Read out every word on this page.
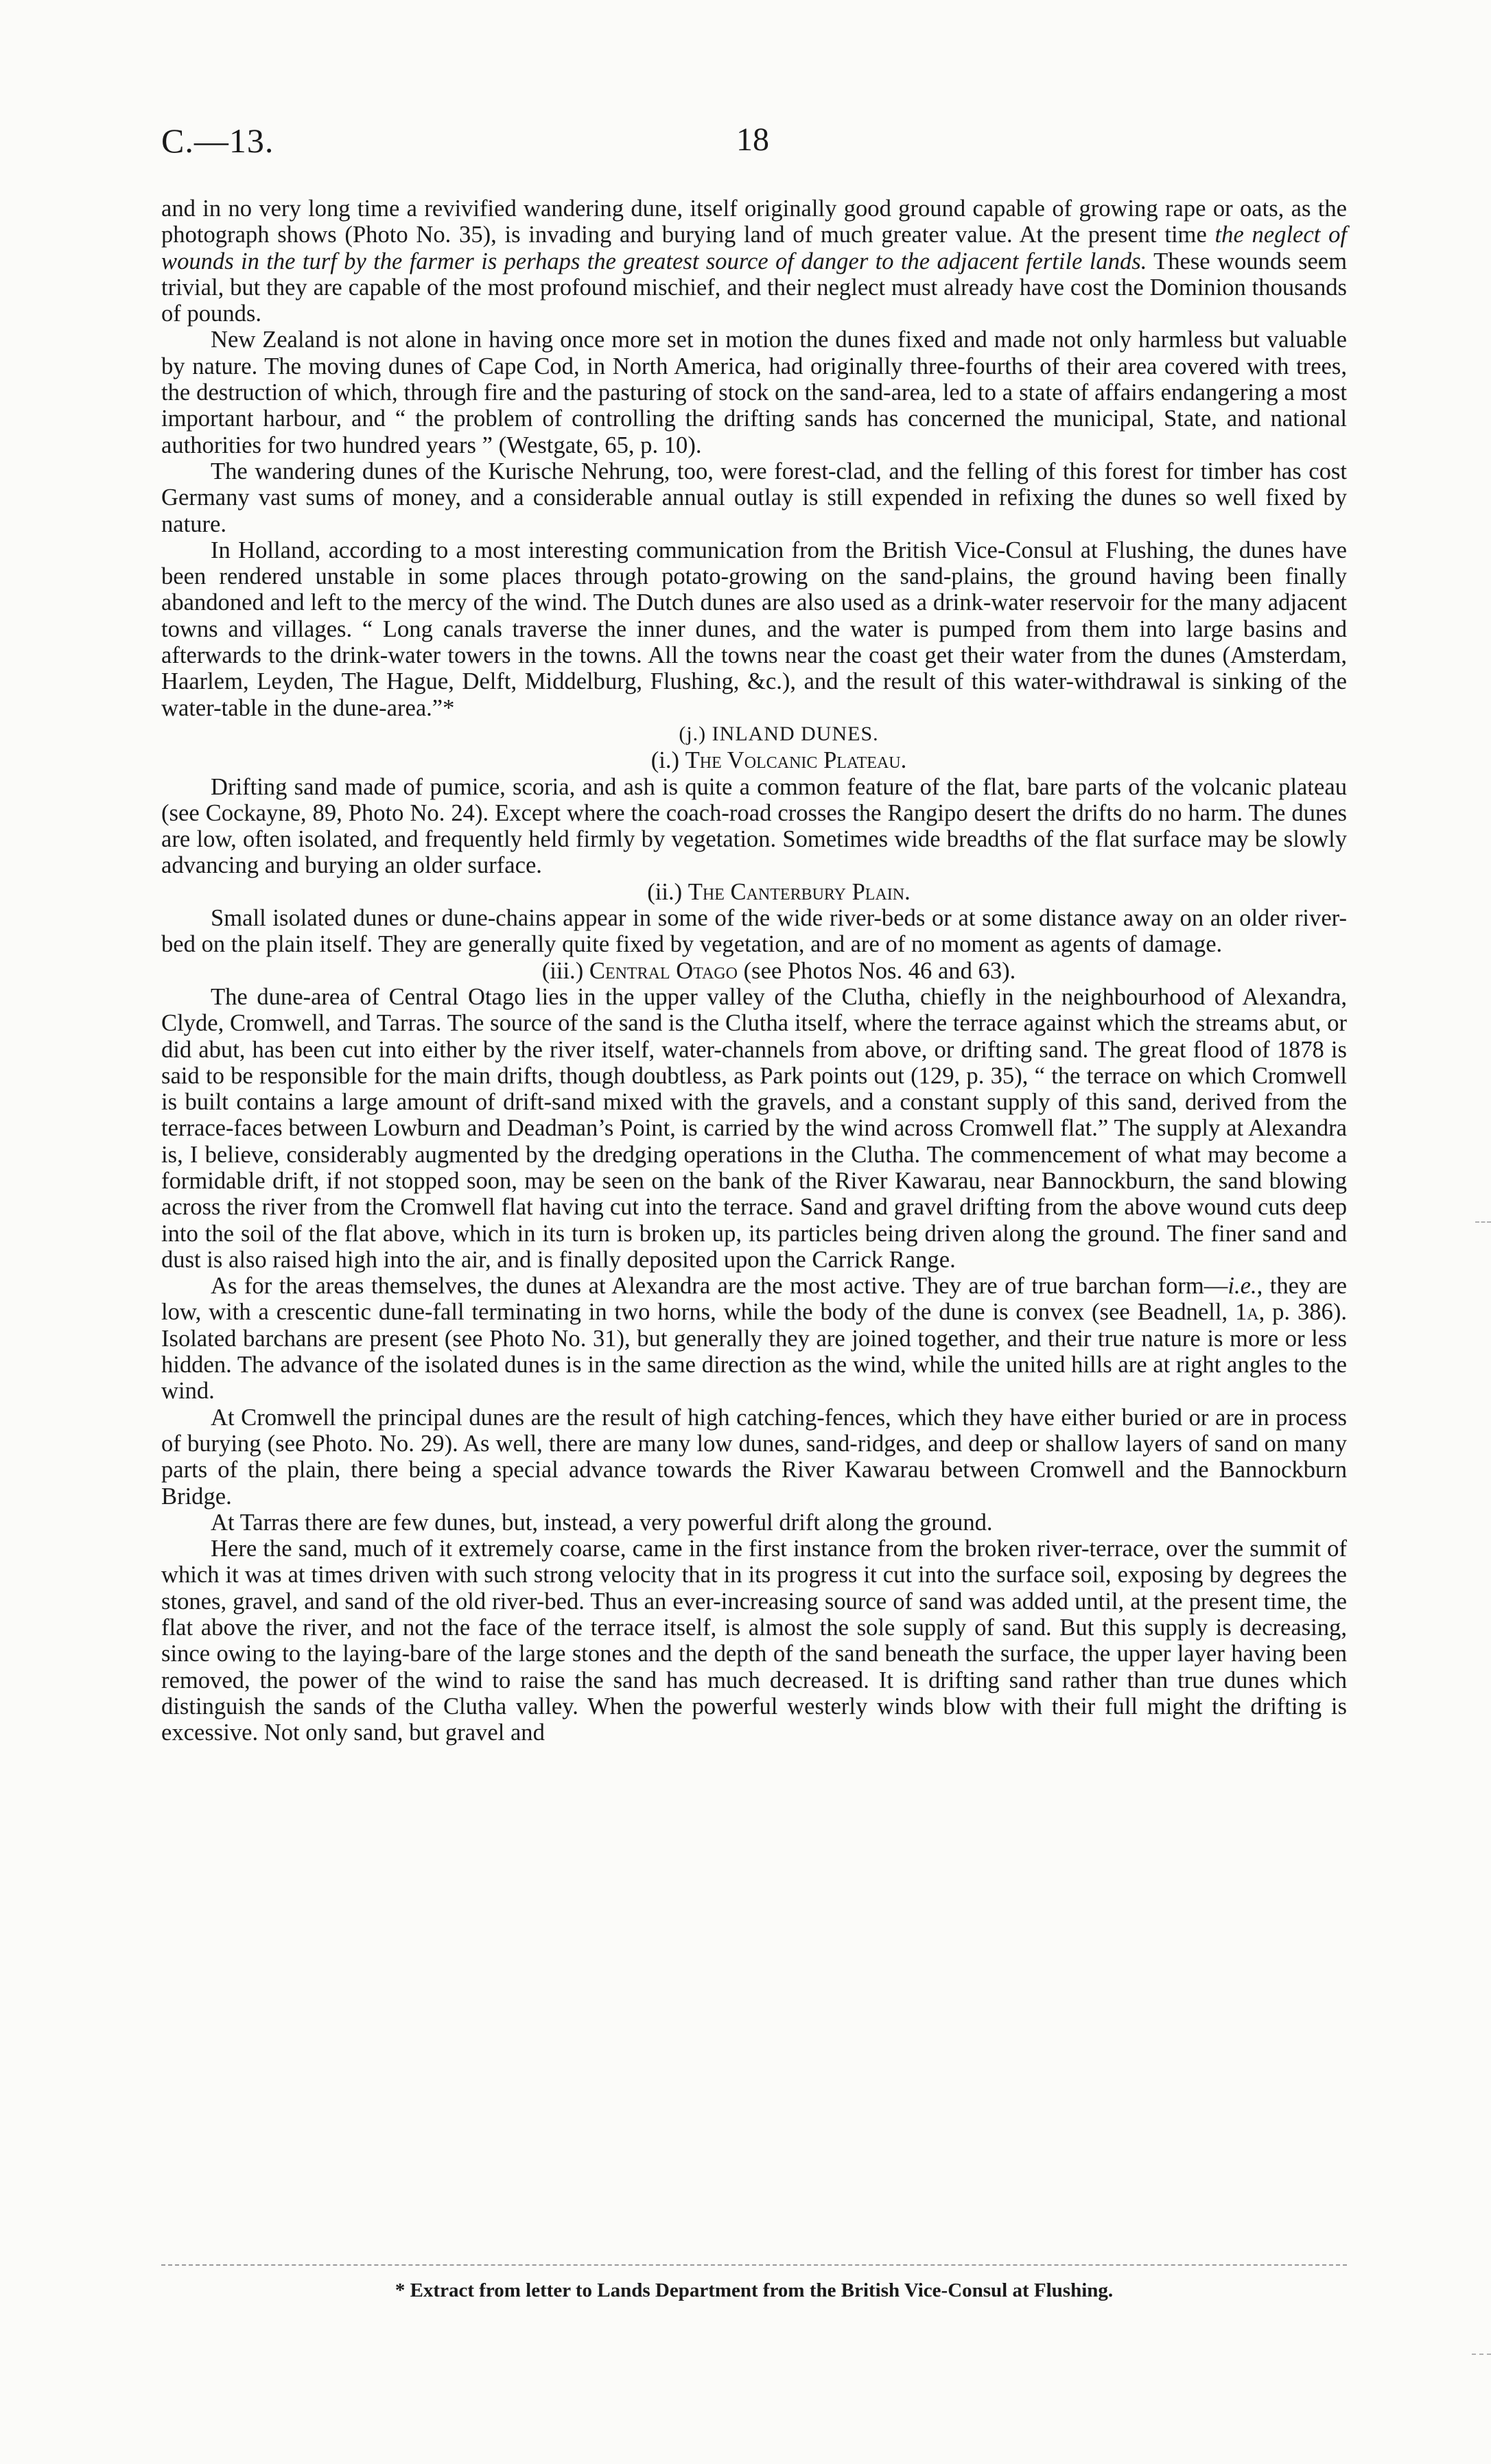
C.—13.	18

and in no very long time a revivified wandering dune, itself originally good ground capable of growing rape or oats, as the photograph shows (Photo No. 35), is invading and burying land of much greater value. At the present time the neglect of wounds in the turf by the farmer is perhaps the greatest source of danger to the adjacent fertile lands. These wounds seem trivial, but they are capable of the most profound mischief, and their neglect must already have cost the Dominion thousands of pounds.

New Zealand is not alone in having once more set in motion the dunes fixed and made not only harmless but valuable by nature. The moving dunes of Cape Cod, in North America, had originally three-fourths of their area covered with trees, the destruction of which, through fire and the pasturing of stock on the sand-area, led to a state of affairs endangering a most important harbour, and “ the problem of controlling the drifting sands has concerned the municipal, State, and national authorities for two hundred years ” (Westgate, 65, p. 10).

The wandering dunes of the Kurische Nehrung, too, were forest-clad, and the felling of this forest for timber has cost Germany vast sums of money, and a considerable annual outlay is still expended in refixing the dunes so well fixed by nature.

In Holland, according to a most interesting communication from the British Vice-Consul at Flushing, the dunes have been rendered unstable in some places through potato-growing on the sand-plains, the ground having been finally abandoned and left to the mercy of the wind. The Dutch dunes are also used as a drink-water reservoir for the many adjacent towns and villages. “ Long canals traverse the inner dunes, and the water is pumped from them into large basins and afterwards to the drink-water towers in the towns. All the towns near the coast get their water from the dunes (Amsterdam, Haarlem, Leyden, The Hague, Delft, Middelburg, Flushing, &c.), and the result of this water-withdrawal is sinking of the water-table in the dune-area.”*

(j.) INLAND DUNES.

(i.) The Volcanic Plateau.

Drifting sand made of pumice, scoria, and ash is quite a common feature of the flat, bare parts of the volcanic plateau (see Cockayne, 89, Photo No. 24). Except where the coach-road crosses the Rangipo desert the drifts do no harm. The dunes are low, often isolated, and frequently held firmly by vegetation. Sometimes wide breadths of the flat surface may be slowly advancing and burying an older surface.

(ii.) The Canterbury Plain.

Small isolated dunes or dune-chains appear in some of the wide river-beds or at some distance away on an older river-bed on the plain itself. They are generally quite fixed by vegetation, and are of no moment as agents of damage.

(iii.) Central Otago (see Photos Nos. 46 and 63).

The dune-area of Central Otago lies in the upper valley of the Clutha, chiefly in the neighbourhood of Alexandra, Clyde, Cromwell, and Tarras. The source of the sand is the Clutha itself, where the terrace against which the streams abut, or did abut, has been cut into either by the river itself, water-channels from above, or drifting sand. The great flood of 1878 is said to be responsible for the main drifts, though doubtless, as Park points out (129, p. 35), “ the terrace on which Cromwell is built contains a large amount of drift-sand mixed with the gravels, and a constant supply of this sand, derived from the terrace-faces between Lowburn and Deadman’s Point, is carried by the wind across Cromwell flat.” The supply at Alexandra is, I believe, considerably augmented by the dredging operations in the Clutha. The commencement of what may become a formidable drift, if not stopped soon, may be seen on the bank of the River Kawarau, near Bannockburn, the sand blowing across the river from the Cromwell flat having cut into the terrace. Sand and gravel drifting from the above wound cuts deep into the soil of the flat above, which in its turn is broken up, its particles being driven along the ground. The finer sand and dust is also raised high into the air, and is finally deposited upon the Carrick Range.

As for the areas themselves, the dunes at Alexandra are the most active. They are of true barchan form—i.e., they are low, with a crescentic dune-fall terminating in two horns, while the body of the dune is convex (see Beadnell, 1a, p. 386). Isolated barchans are present (see Photo No. 31), but generally they are joined together, and their true nature is more or less hidden. The advance of the isolated dunes is in the same direction as the wind, while the united hills are at right angles to the wind.

At Cromwell the principal dunes are the result of high catching-fences, which they have either buried or are in process of burying (see Photo. No. 29). As well, there are many low dunes, sand-ridges, and deep or shallow layers of sand on many parts of the plain, there being a special advance towards the River Kawarau between Cromwell and the Bannockburn Bridge.

At Tarras there are few dunes, but, instead, a very powerful drift along the ground.

Here the sand, much of it extremely coarse, came in the first instance from the broken river-terrace, over the summit of which it was at times driven with such strong velocity that in its progress it cut into the surface soil, exposing by degrees the stones, gravel, and sand of the old river-bed. Thus an ever-increasing source of sand was added until, at the present time, the flat above the river, and not the face of the terrace itself, is almost the sole supply of sand. But this supply is decreasing, since owing to the laying-bare of the large stones and the depth of the sand beneath the surface, the upper layer having been removed, the power of the wind to raise the sand has much decreased. It is drifting sand rather than true dunes which distinguish the sands of the Clutha valley. When the powerful westerly winds blow with their full might the drifting is excessive. Not only sand, but gravel and

* Extract from letter to Lands Department from the British Vice-Consul at Flushing.
